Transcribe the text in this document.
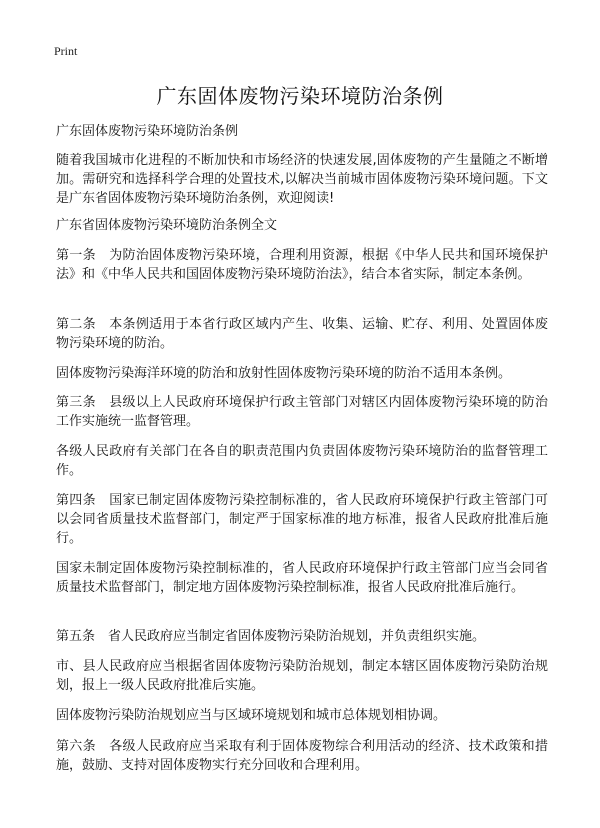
Print
广东固体废物污染环境防治条例

广东固体废物污染环境防治条例

随着我国城市化进程的不断加快和市场经济的快速发展,固体废物的产生量随之不断增加。需研究和选择科学合理的处置技术,以解决当前城市固体废物污染环境问题。下文是广东省固体废物污染环境防治条例，欢迎阅读!

广东省固体废物污染环境防治条例全文

第一条　为防治固体废物污染环境，合理利用资源，根据《中华人民共和国环境保护法》和《中华人民共和国固体废物污染环境防治法》，结合本省实际，制定本条例。

第二条　本条例适用于本省行政区域内产生、收集、运输、贮存、利用、处置固体废物污染环境的防治。

固体废物污染海洋环境的防治和放射性固体废物污染环境的防治不适用本条例。

第三条　县级以上人民政府环境保护行政主管部门对辖区内固体废物污染环境的防治工作实施统一监督管理。

各级人民政府有关部门在各自的职责范围内负责固体废物污染环境防治的监督管理工作。

第四条　国家已制定固体废物污染控制标准的，省人民政府环境保护行政主管部门可以会同省质量技术监督部门，制定严于国家标准的地方标准，报省人民政府批准后施行。

国家未制定固体废物污染控制标准的，省人民政府环境保护行政主管部门应当会同省质量技术监督部门，制定地方固体废物污染控制标准，报省人民政府批准后施行。

第五条　省人民政府应当制定省固体废物污染防治规划，并负责组织实施。

市、县人民政府应当根据省固体废物污染防治规划，制定本辖区固体废物污染防治规划，报上一级人民政府批准后实施。

固体废物污染防治规划应当与区域环境规划和城市总体规划相协调。

第六条　各级人民政府应当采取有利于固体废物综合利用活动的经济、技术政策和措施，鼓励、支持对固体废物实行充分回收和合理利用。
